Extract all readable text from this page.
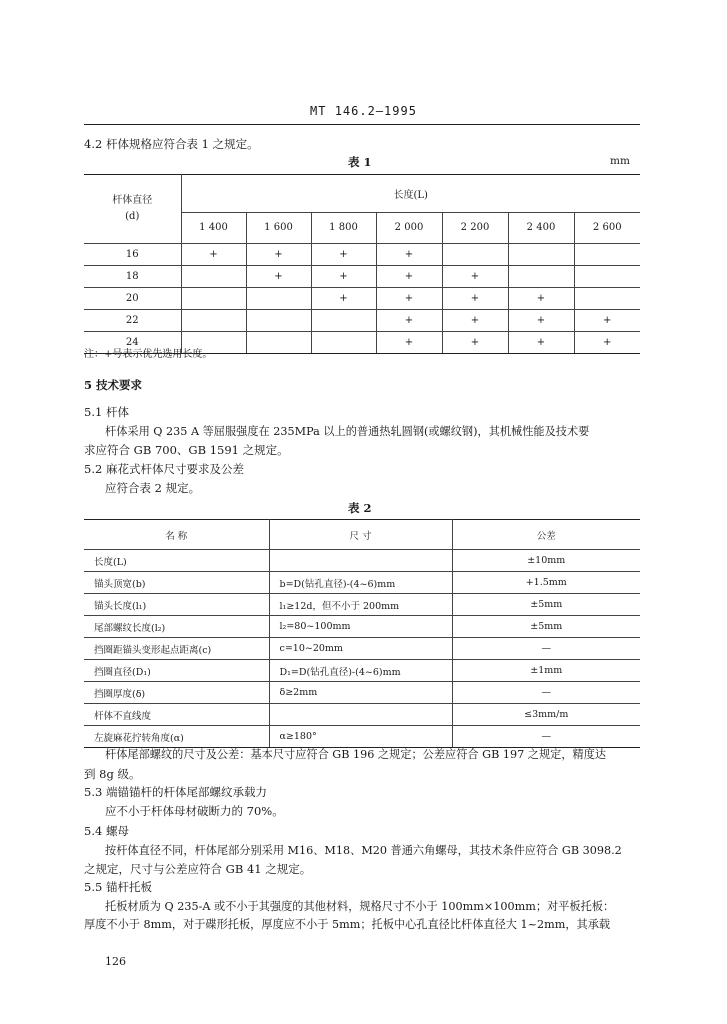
MT 146.2—1995
4.2 杆体规格应符合表 1 之规定。
表 1	mm
杆体直径
(d)	长度(L)						
	1 400	1 600	1 800	2 000	2 200	2 400	2 600
16	+	+	+	+			
18		+	+	+	+		
20			+	+	+	+	
22				+	+	+	+
24				+	+	+	+
注：+号表示优先选用长度。
5 技术要求
5.1 杆体
杆体采用 Q 235 A 等屈服强度在 235MPa 以上的普通热轧圆钢(或螺纹钢)，其机械性能及技术要
求应符合 GB 700、GB 1591 之规定。
5.2 麻花式杆体尺寸要求及公差
应符合表 2 规定。
表 2
名 称	尺 寸	公差
长度(L)		±10mm
锚头顶宽(b)	b=D(钻孔直径)-(4~6)mm	+1.5mm
锚头长度(l₁)	l₁≥12d，但不小于 200mm	±5mm
尾部螺纹长度(l₂)	l₂=80~100mm	±5mm
挡圈距锚头变形起点距离(c)	c=10~20mm	—
挡圈直径(D₁)	D₁=D(钻孔直径)-(4~6)mm	±1mm
挡圈厚度(δ)	δ≥2mm	—
杆体不直线度		≤3mm/m
左旋麻花拧转角度(α)	α≥180°	—
杆体尾部螺纹的尺寸及公差：基本尺寸应符合 GB 196 之规定；公差应符合 GB 197 之规定，精度达
到 8g 级。
5.3 端锚锚杆的杆体尾部螺纹承载力
应不小于杆体母材破断力的 70%。
5.4 螺母
按杆体直径不同，杆体尾部分别采用 M16、M18、M20 普通六角螺母，其技术条件应符合 GB 3098.2
之规定，尺寸与公差应符合 GB 41 之规定。
5.5 锚杆托板
托板材质为 Q 235-A 或不小于其强度的其他材料，规格尺寸不小于 100mm×100mm；对平板托板：
厚度不小于 8mm，对于碟形托板，厚度应不小于 5mm；托板中心孔直径比杆体直径大 1~2mm，其承载
126
